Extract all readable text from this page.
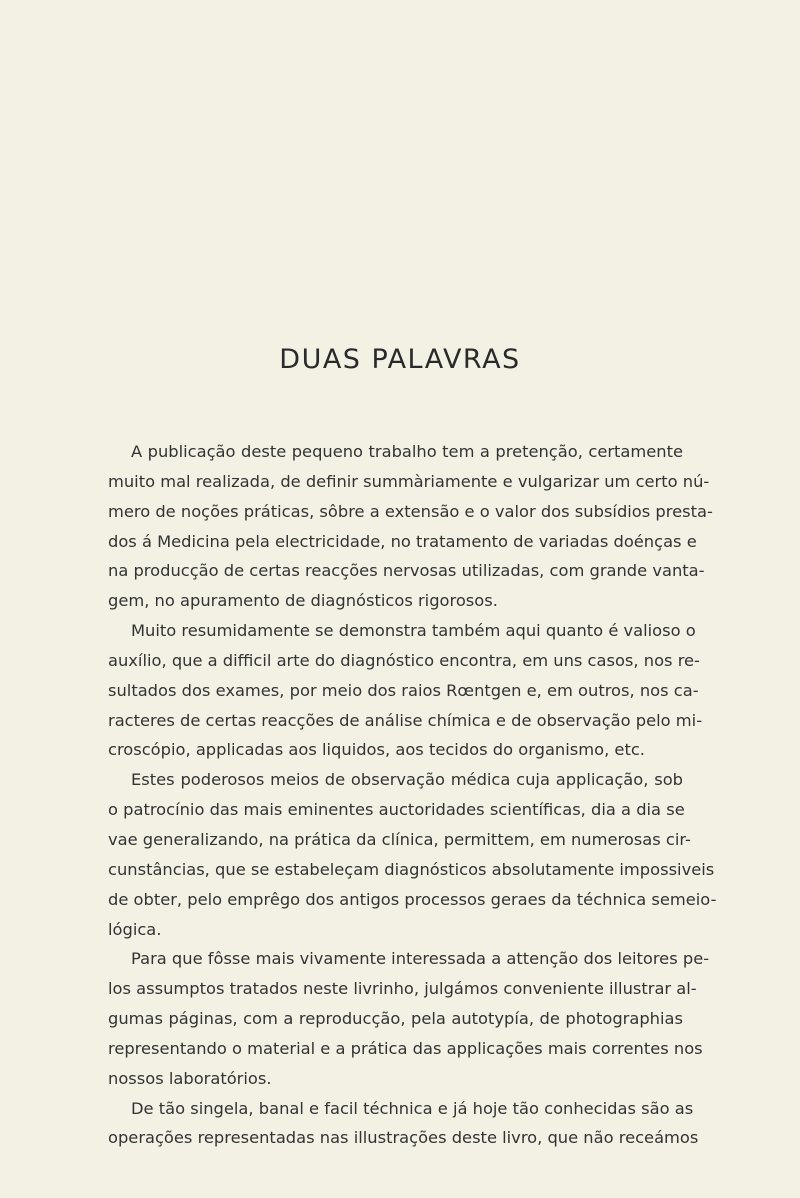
DUAS PALAVRAS
A publicação deste pequeno trabalho tem a pretenção, certamente
muito mal realizada, de definir summàriamente e vulgarizar um certo nú-
mero de noções práticas, sôbre a extensão e o valor dos subsídios presta-
dos á Medicina pela electricidade, no tratamento de variadas doénças e
na producção de certas reacções nervosas utilizadas, com grande vanta-
gem, no apuramento de diagnósticos rigorosos.
Muito resumidamente se demonstra também aqui quanto é valioso o
auxílio, que a difficil arte do diagnóstico encontra, em uns casos, nos re-
sultados dos exames, por meio dos raios Rœntgen e, em outros, nos ca-
racteres de certas reacções de análise chímica e de observação pelo mi-
croscópio, applicadas aos liquidos, aos tecidos do organismo, etc.
Estes poderosos meios de observação médica cuja applicação, sob
o patrocínio das mais eminentes auctoridades scientíficas, dia a dia se
vae generalizando, na prática da clínica, permittem, em numerosas cir-
cunstâncias, que se estabeleçam diagnósticos absolutamente impossiveis
de obter, pelo emprêgo dos antigos processos geraes da téchnica semeio-
lógica.
Para que fôsse mais vivamente interessada a attenção dos leitores pe-
los assumptos tratados neste livrinho, julgámos conveniente illustrar al-
gumas páginas, com a reproducção, pela autotypía, de photographias
representando o material e a prática das applicações mais correntes nos
nossos laboratórios.
De tão singela, banal e facil téchnica e já hoje tão conhecidas são as
operações representadas nas illustrações deste livro, que não receámos
